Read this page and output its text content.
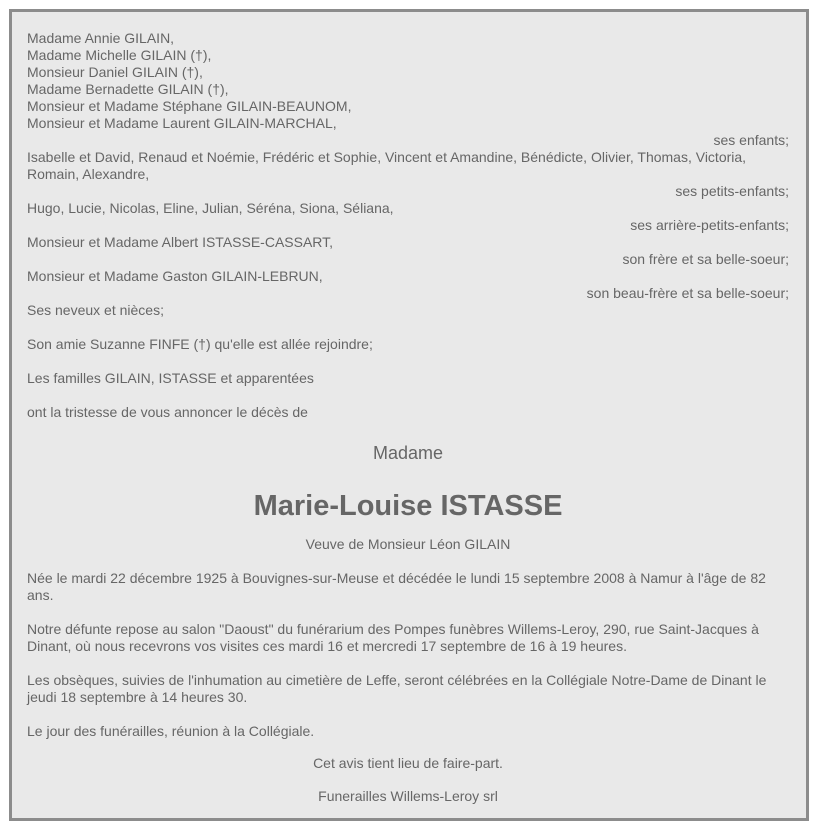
Madame Annie GILAIN,
Madame Michelle GILAIN (†),
Monsieur Daniel GILAIN (†),
Madame Bernadette GILAIN (†),
Monsieur et Madame Stéphane GILAIN-BEAUNOM,
Monsieur et Madame Laurent GILAIN-MARCHAL,
ses enfants;
Isabelle et David, Renaud et Noémie, Frédéric et Sophie, Vincent et Amandine, Bénédicte, Olivier, Thomas, Victoria, Romain, Alexandre,
ses petits-enfants;
Hugo, Lucie, Nicolas, Eline, Julian, Séréna, Siona, Séliana,
ses arrière-petits-enfants;
Monsieur et Madame Albert ISTASSE-CASSART,
son frère et sa belle-soeur;
Monsieur et Madame Gaston GILAIN-LEBRUN,
son beau-frère et sa belle-soeur;
Ses neveux et nièces;
Son amie Suzanne FINFE (†) qu'elle est allée rejoindre;
Les familles GILAIN, ISTASSE et apparentées
ont la tristesse de vous annoncer le décès de
Madame
Marie-Louise ISTASSE
Veuve de Monsieur Léon GILAIN

Née le mardi 22 décembre 1925 à Bouvignes-sur-Meuse et décédée le lundi 15 septembre 2008 à Namur à l'âge de 82 ans.

Notre défunte repose au salon "Daoust" du funérarium des Pompes funèbres Willems-Leroy, 290, rue Saint-Jacques à Dinant, où nous recevrons vos visites ces mardi 16 et mercredi 17 septembre de 16 à 19 heures.

Les obsèques, suivies de l'inhumation au cimetière de Leffe, seront célébrées en la Collégiale Notre-Dame de Dinant le jeudi 18 septembre à 14 heures 30.

Le jour des funérailles, réunion à la Collégiale.

Cet avis tient lieu de faire-part.
Funerailles Willems-Leroy srl
